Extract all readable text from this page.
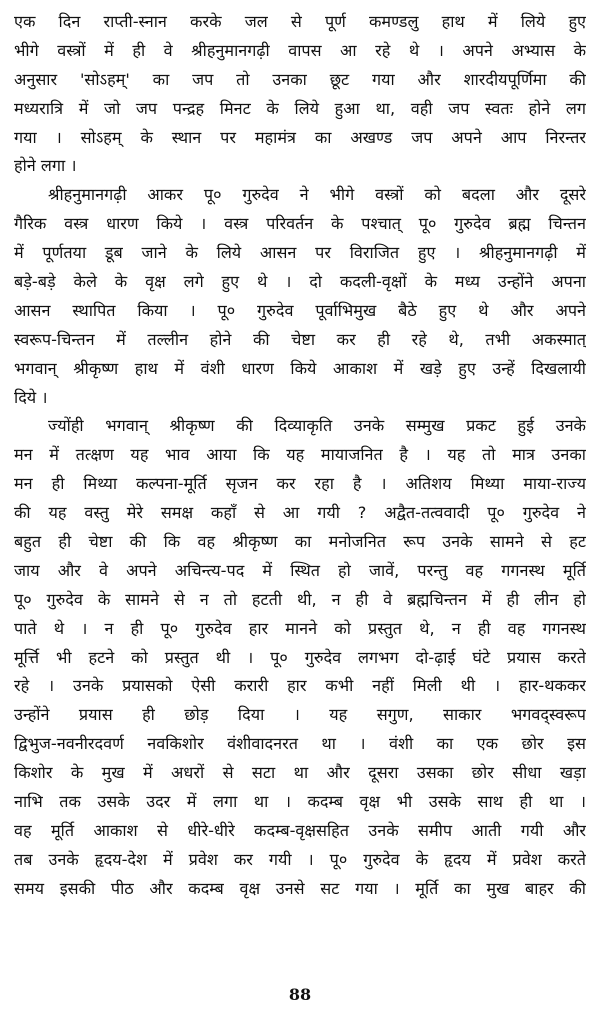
एक दिन राप्ती-स्नान करके जल से पूर्ण कमण्डलु हाथ में लिये हुए
भीगे वस्त्रों में ही वे श्रीहनुमानगढ़ी वापस आ रहे थे । अपने अभ्यास के
अनुसार 'सोऽहम्' का जप तो उनका छूट गया और शारदीयपूर्णिमा की
मध्यरात्रि में जो जप पन्द्रह मिनट के लिये हुआ था, वही जप स्वतः होने लग
गया । सोऽहम् के स्थान पर महामंत्र का अखण्ड जप अपने आप निरन्तर
होने लगा ।
श्रीहनुमानगढ़ी आकर पू० गुरुदेव ने भीगे वस्त्रों को बदला और दूसरे
गैरिक वस्त्र धारण किये । वस्त्र परिवर्तन के पश्चात् पू० गुरुदेव ब्रह्म चिन्तन
में पूर्णतया डूब जाने के लिये आसन पर विराजित हुए । श्रीहनुमानगढ़ी में
बड़े-बड़े केले के वृक्ष लगे हुए थे । दो कदली-वृक्षों के मध्य उन्होंने अपना
आसन स्थापित किया । पू० गुरुदेव पूर्वाभिमुख बैठे हुए थे और अपने
स्वरूप-चिन्तन में तल्लीन होने की चेष्टा कर ही रहे थे, तभी अकस्मात्
भगवान् श्रीकृष्ण हाथ में वंशी धारण किये आकाश में खड़े हुए उन्हें दिखलायी
दिये ।
ज्योंही भगवान् श्रीकृष्ण की दिव्याकृति उनके सम्मुख प्रकट हुई उनके
मन में तत्क्षण यह भाव आया कि यह मायाजनित है । यह तो मात्र उनका
मन ही मिथ्या कल्पना-मूर्ति सृजन कर रहा है । अतिशय मिथ्या माया-राज्य
की यह वस्तु मेरे समक्ष कहाँ से आ गयी ? अद्वैत-तत्ववादी पू० गुरुदेव ने
बहुत ही चेष्टा की कि वह श्रीकृष्ण का मनोजनित रूप उनके सामने से हट
जाय और वे अपने अचिन्त्य-पद में स्थित हो जावें, परन्तु वह गगनस्थ मूर्ति
पू० गुरुदेव के सामने से न तो हटती थी, न ही वे ब्रह्मचिन्तन में ही लीन हो
पाते थे । न ही पू० गुरुदेव हार मानने को प्रस्तुत थे, न ही वह गगनस्थ
मूर्त्ति भी हटने को प्रस्तुत थी । पू० गुरुदेव लगभग दो-ढ़ाई घंटे प्रयास करते
रहे । उनके प्रयासको ऐसी करारी हार कभी नहीं मिली थी । हार-थककर
उन्होंने प्रयास ही छोड़ दिया । यह सगुण, साकार भगवद्स्वरूप
द्विभुज-नवनीरदवर्ण नवकिशोर वंशीवादनरत था । वंशी का एक छोर इस
किशोर के मुख में अधरों से सटा था और दूसरा उसका छोर सीधा खड़ा
नाभि तक उसके उदर में लगा था । कदम्ब वृक्ष भी उसके साथ ही था ।
वह मूर्ति आकाश से धीरे-धीरे कदम्ब-वृक्षसहित उनके समीप आती गयी और
तब उनके हृदय-देश में प्रवेश कर गयी । पू० गुरुदेव के हृदय में प्रवेश करते
समय इसकी पीठ और कदम्ब वृक्ष उनसे सट गया । मूर्ति का मुख बाहर की
88
